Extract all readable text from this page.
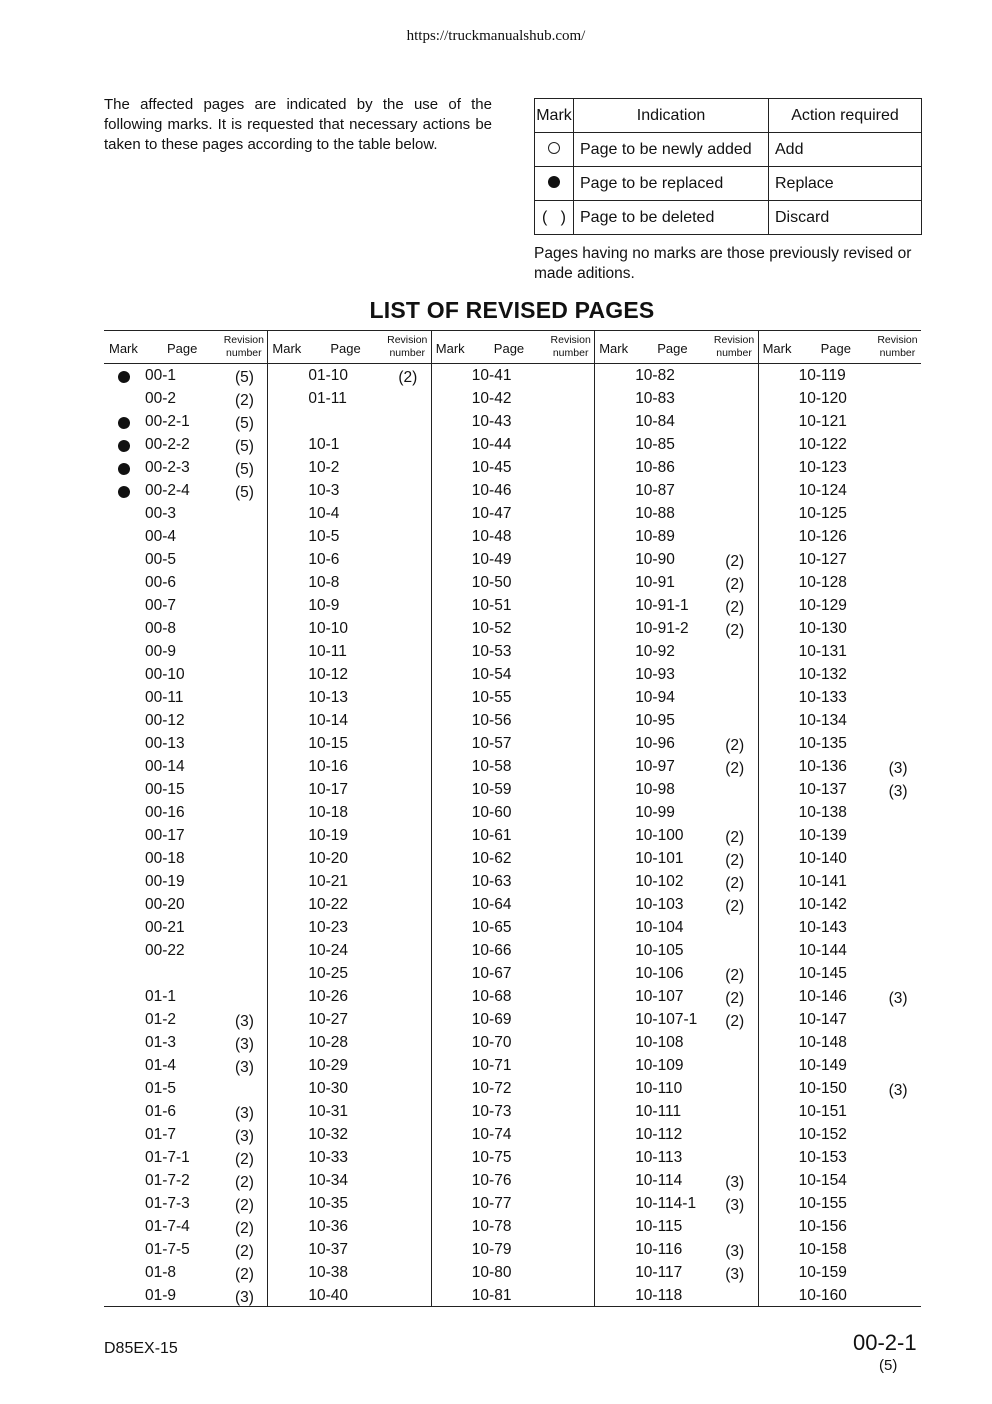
https://truckmanualshub.com/
The affected pages are indicated by the use of the following marks. It is requested that necessary actions be taken to these pages according to the table below.
Mark	Indication	Action required
	Page to be newly added	Add
	Page to be replaced	Replace
(   )	Page to be deleted	Discard
Pages having no marks are those previously revised or made aditions.
LIST OF REVISED PAGES
Mark Page
Revision
number
00-1	(5)
00-2	(2)
00-2-1	(5)
00-2-2	(5)
00-2-3	(5)
00-2-4	(5)
00-3
00-4
00-5
00-6
00-7
00-8
00-9
00-10
00-11
00-12
00-13
00-14
00-15
00-16
00-17
00-18
00-19
00-20
00-21
00-22
01-1
01-2	(3)
01-3	(3)
01-4	(3)
01-5
01-6	(3)
01-7	(3)
01-7-1	(2)
01-7-2	(2)
01-7-3	(2)
01-7-4	(2)
01-7-5	(2)
01-8	(2)
01-9	(3)
Mark Page
Revision
number
01-10	(2)
01-11
10-1
10-2
10-3
10-4
10-5
10-6
10-8
10-9
10-10
10-11
10-12
10-13
10-14
10-15
10-16
10-17
10-18
10-19
10-20
10-21
10-22
10-23
10-24
10-25
10-26
10-27
10-28
10-29
10-30
10-31
10-32
10-33
10-34
10-35
10-36
10-37
10-38
10-40
Mark Page
Revision
number
10-41
10-42
10-43
10-44
10-45
10-46
10-47
10-48
10-49
10-50
10-51
10-52
10-53
10-54
10-55
10-56
10-57
10-58
10-59
10-60
10-61
10-62
10-63
10-64
10-65
10-66
10-67
10-68
10-69
10-70
10-71
10-72
10-73
10-74
10-75
10-76
10-77
10-78
10-79
10-80
10-81
Mark Page
Revision
number
10-82
10-83
10-84
10-85
10-86
10-87
10-88
10-89
10-90	(2)
10-91	(2)
10-91-1 (2)
10-91-2 (2)
10-92
10-93
10-94
10-95
10-96	(2)
10-97	(2)
10-98
10-99
10-100	(2)
10-101	(2)
10-102	(2)
10-103	(2)
10-104
10-105
10-106	(2)
10-107	(2)
10-107-1 (2)
10-108
10-109
10-110
10-111
10-112
10-113
10-114	(3)
10-114-1 (3)
10-115
10-116	(3)
10-117	(3)
10-118
Mark Page
Revision
number
10-119
10-120
10-121
10-122
10-123
10-124
10-125
10-126
10-127
10-128
10-129
10-130
10-131
10-132
10-133
10-134
10-135
10-136	(3)
10-137	(3)
10-138
10-139
10-140
10-141
10-142
10-143
10-144
10-145
10-146	(3)
10-147
10-148
10-149
10-150	(3)
10-151
10-152
10-153
10-154
10-155
10-156
10-158
10-159
10-160
D85EX-15	00-2-1
(5)
